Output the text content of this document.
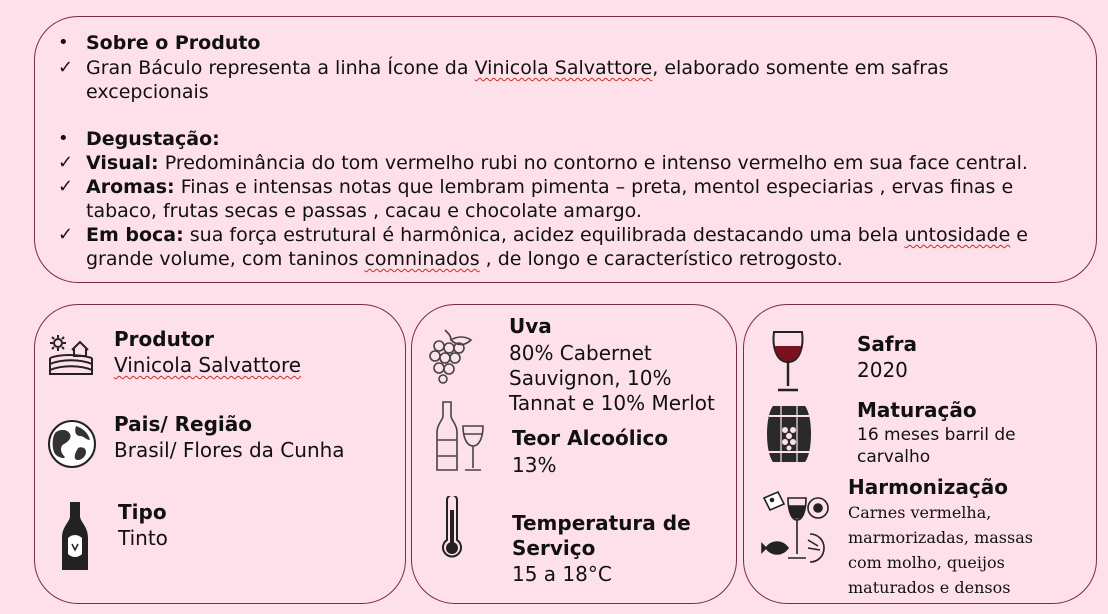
• Sobre o Produto
✓ Gran Báculo representa a linha Ícone da Vinicola Salvattore, elaborado somente em safras
excepcionais
• Degustação:
✓ Visual: Predominância do tom vermelho rubi no contorno e intenso vermelho em sua face central.
✓ Aromas: Finas e intensas notas que lembram pimenta – preta, mentol especiarias , ervas finas e
tabaco, frutas secas e passas , cacau e chocolate amargo.
✓ Em boca: sua força estrutural é harmônica, acidez equilibrada destacando uma bela untosidade e
grande volume, com taninos comninados , de longo e característico retrogosto.
Produtor
Vinicola Salvattore
Pais/ Região
Brasil/ Flores da Cunha
Tipo
Tinto
Uva
80% Cabernet
Sauvignon, 10%
Tannat e 10% Merlot
Teor Alcoólico
13%
Temperatura de
Serviço
15 a 18°C
Safra
2020
Maturação
16 meses barril de
carvalho
Harmonização
Carnes vermelha,
marmorizadas, massas
com molho, queijos
maturados e densos
